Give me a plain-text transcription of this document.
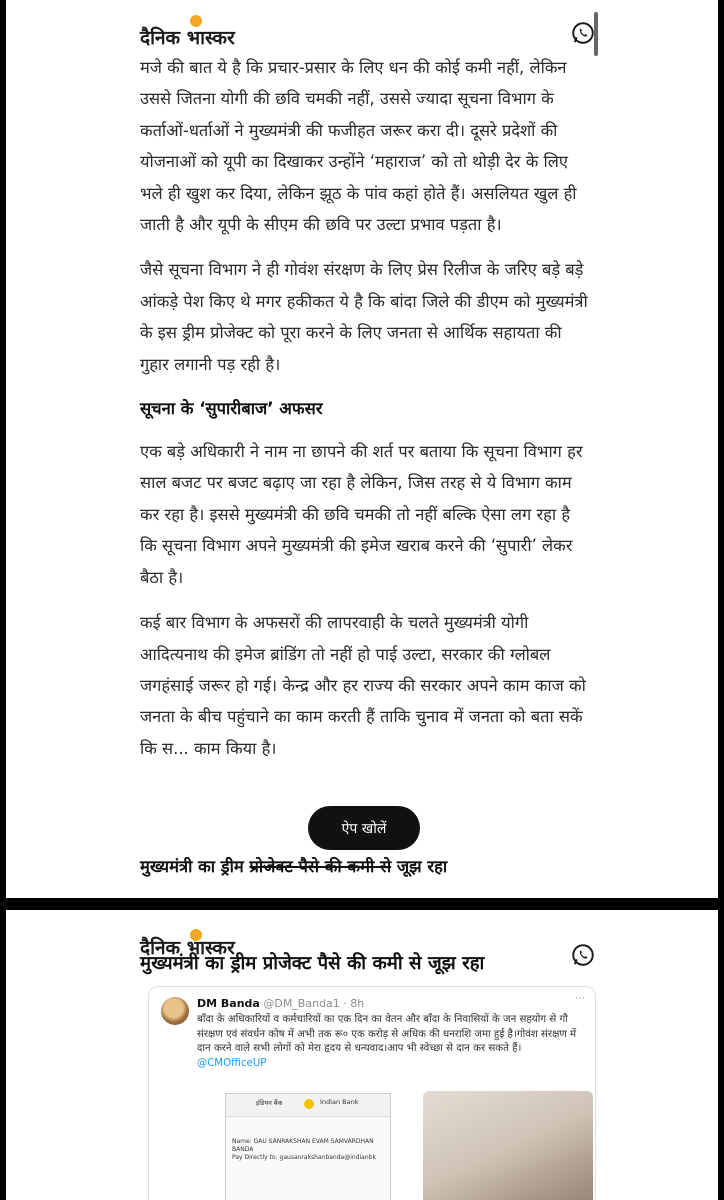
दैनिक भास्कर

मजे की बात ये है कि प्रचार-प्रसार के लिए धन की कोई कमी नहीं, लेकिन उससे जितना योगी की छवि चमकी नहीं, उससे ज्यादा सूचना विभाग के कर्ताओं-धर्ताओं ने मुख्यमंत्री की फजीहत जरूर करा दी। दूसरे प्रदेशों की योजनाओं को यूपी का दिखाकर उन्होंने ‘महाराज’ को तो थोड़ी देर के लिए भले ही खुश कर दिया, लेकिन झूठ के पांव कहां होते हैं। असलियत खुल ही जाती है और यूपी के सीएम की छवि पर उल्टा प्रभाव पड़ता है।

जैसे सूचना विभाग ने ही गोवंश संरक्षण के लिए प्रेस रिलीज के जरिए बड़े बड़े आंकड़े पेश किए थे मगर हकीकत ये है कि बांदा जिले की डीएम को मुख्यमंत्री के इस ड्रीम प्रोजेक्ट को पूरा करने के लिए जनता से आर्थिक सहायता की गुहार लगानी पड़ रही है।

सूचना के ‘सुपारीबाज’ अफसर

एक बड़े अधिकारी ने नाम ना छापने की शर्त पर बताया कि सूचना विभाग हर साल बजट पर बजट बढ़ाए जा रहा है लेकिन, जिस तरह से ये विभाग काम कर रहा है। इससे मुख्यमंत्री की छवि चमकी तो नहीं बल्कि ऐसा लग रहा है कि सूचना विभाग अपने मुख्यमंत्री की इमेज खराब करने की ‘सुपारी’ लेकर बैठा है।

कई बार विभाग के अफसरों की लापरवाही के चलते मुख्यमंत्री योगी आदित्यनाथ की इमेज ब्रांडिंग तो नहीं हो पाई उल्टा, सरकार की ग्लोबल जगहंसाई जरूर हो गई। केन्द्र और हर राज्य की सरकार अपने काम काज को जनता के बीच पहुंचाने का काम करती हैं ताकि चुनाव में जनता को बता सकें कि स... काम किया है।

ऐप खोलें
मुख्यमंत्री का ड्रीम प्रोजेक्ट पैसे की कमी से जूझ रहा
दैनिक भास्कर
मुख्यमंत्री का ड्रीम प्रोजेक्ट पैसे की कमी से जूझ रहा
DM Banda @DM_Banda1 · 8h	⋯
बाँदा के अधिकारियों व कर्मचारियों का एक दिन का वेतन और बाँदा के निवासियों के जन सहयोग से गौ संरक्षण एवं संवर्धन कोष में अभी तक रू० एक करोड़ से अधिक की धनराशि जमा हुई है।गोवंश संरक्षण में दान करने वाले सभी लोगों को मेरा हृदय से धन्यवाद।आप भी स्वेच्छा से दान कर सकते हैं।@CMOfficeUP
इंडियन बैंक	Indian Bank
Name: GAU SANRAKSHAN EVAM SAMVARDHAN BANDA
Pay Directly to: gausanrakshanbanda@indianbk
